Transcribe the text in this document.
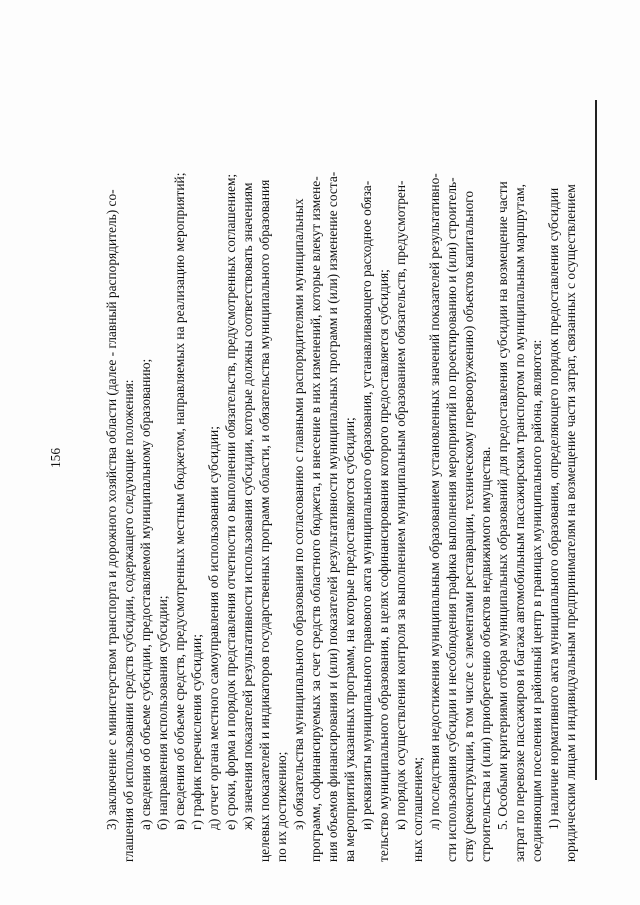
156	3) заключение с министерством транспорта и дорожного хозяйства области (далее - главный распорядитель) со- глашения об использовании средств субсидии, содержащего следующие положения: а) сведения об объеме субсидии, предоставляемой муниципальному образованию; б) направления использования субсидии; в) сведения об объеме средств, предусмотренных местным бюджетом, направляемых на реализацию мероприятий; г) график перечисления субсидии; д) отчет органа местного самоуправления об использовании субсидии; е) сроки, форма и порядок представления отчетности о выполнении обязательств, предусмотренных соглашением; ж) значения показателей результативности использования субсидии, которые должны соответствовать значениям целевых показателей и индикаторов государственных программ области, и обязательства муниципального образования по их достижению; з) обязательства муниципального образования по согласованию с главными распорядителями муниципальных программ, софинансируемых за счет средств областного бюджета, и внесение в них изменений, которые влекут измене- ния объемов финансирования и (или) показателей результативности муниципальных программ и (или) изменение соста- ва мероприятий указанных программ, на которые предоставляются субсидии; и) реквизиты муниципального правового акта муниципального образования, устанавливающего расходное обяза- тельство муниципального образования, в целях софинансирования которого предоставляется субсидия; к) порядок осуществления контроля за выполнением муниципальным образованием обязательств, предусмотрен- ных соглашением; л) последствия недостижения муниципальным образованием установленных значений показателей результативно- сти использования субсидии и несоблюдения графика выполнения мероприятий по проектированию и (или) строитель- ству (реконструкции, в том числе с элементами реставрации, техническому перевооружению) объектов капитального строительства и (или) приобретению объектов недвижимого имущества. 5. Особыми критериями отбора муниципальных образований для предоставления субсидии на возмещение части затрат по перевозке пассажиров и багажа автомобильным пассажирским транспортом по муниципальным маршрутам, соединяющим поселения и районный центр в границах муниципального района, являются: 1) наличие нормативного акта муниципального образования, определяющего порядок предоставления субсидии юридическим лицам и индивидуальным предпринимателям на возмещение части затрат, связанных с осуществлением
